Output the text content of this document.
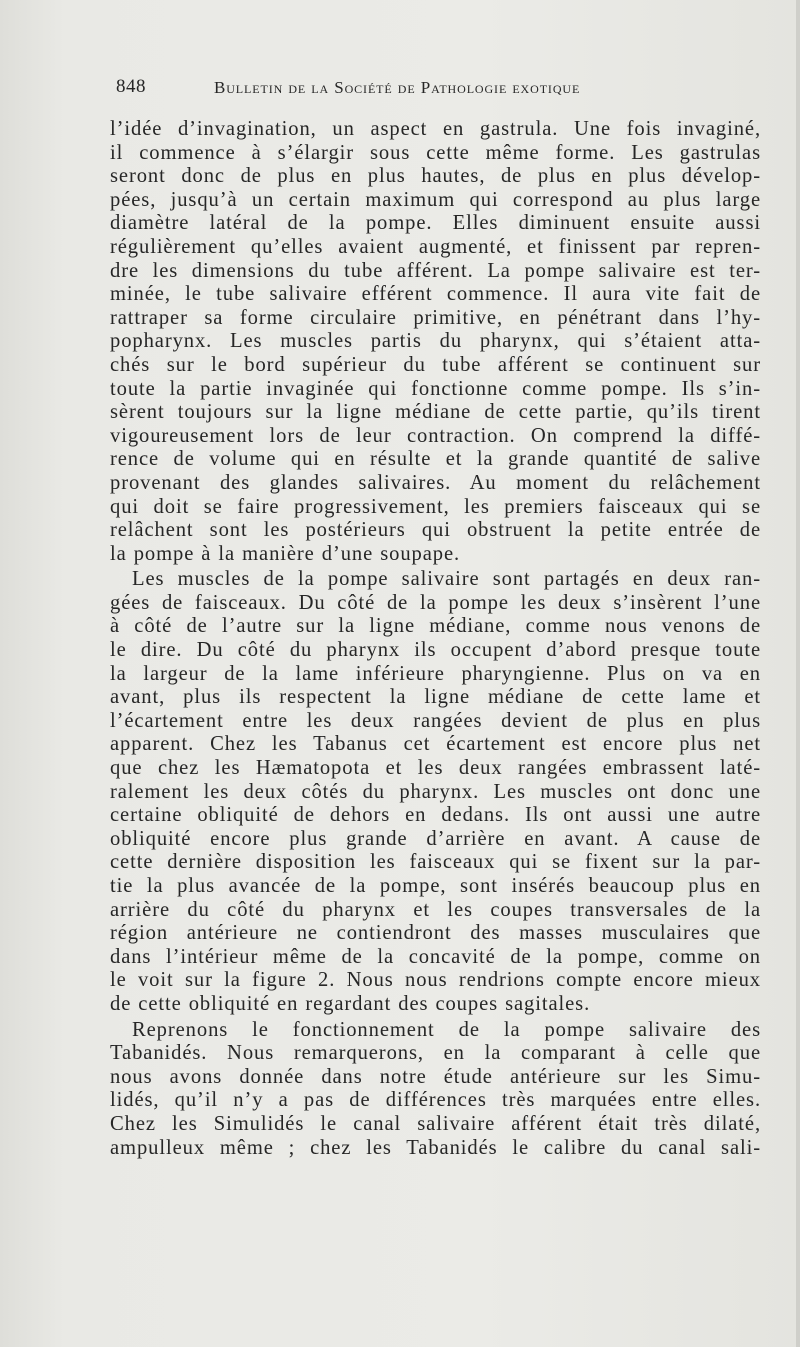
848	Bulletin de la Société de Pathologie exotique
l’idée d’invagination, un aspect en gastrula. Une fois invaginé,
il commence à s’élargir sous cette même forme. Les gastrulas
seront donc de plus en plus hautes, de plus en plus dévelop-
pées, jusqu’à un certain maximum qui correspond au plus large
diamètre latéral de la pompe. Elles diminuent ensuite aussi
régulièrement qu’elles avaient augmenté, et finissent par repren-
dre les dimensions du tube afférent. La pompe salivaire est ter-
minée, le tube salivaire efférent commence. Il aura vite fait de
rattraper sa forme circulaire primitive, en pénétrant dans l’hy-
popharynx. Les muscles partis du pharynx, qui s’étaient atta-
chés sur le bord supérieur du tube afférent se continuent sur
toute la partie invaginée qui fonctionne comme pompe. Ils s’in-
sèrent toujours sur la ligne médiane de cette partie, qu’ils tirent
vigoureusement lors de leur contraction. On comprend la diffé-
rence de volume qui en résulte et la grande quantité de salive
provenant des glandes salivaires. Au moment du relâchement
qui doit se faire progressivement, les premiers faisceaux qui se
relâchent sont les postérieurs qui obstruent la petite entrée de
la pompe à la manière d’une soupape.
Les muscles de la pompe salivaire sont partagés en deux ran-
gées de faisceaux. Du côté de la pompe les deux s’insèrent l’une
à côté de l’autre sur la ligne médiane, comme nous venons de
le dire. Du côté du pharynx ils occupent d’abord presque toute
la largeur de la lame inférieure pharyngienne. Plus on va en
avant, plus ils respectent la ligne médiane de cette lame et
l’écartement entre les deux rangées devient de plus en plus
apparent. Chez les Tabanus cet écartement est encore plus net
que chez les Hæmatopota et les deux rangées embrassent laté-
ralement les deux côtés du pharynx. Les muscles ont donc une
certaine obliquité de dehors en dedans. Ils ont aussi une autre
obliquité encore plus grande d’arrière en avant. A cause de
cette dernière disposition les faisceaux qui se fixent sur la par-
tie la plus avancée de la pompe, sont insérés beaucoup plus en
arrière du côté du pharynx et les coupes transversales de la
région antérieure ne contiendront des masses musculaires que
dans l’intérieur même de la concavité de la pompe, comme on
le voit sur la figure 2. Nous nous rendrions compte encore mieux
de cette obliquité en regardant des coupes sagitales.
Reprenons le fonctionnement de la pompe salivaire des
Tabanidés. Nous remarquerons, en la comparant à celle que
nous avons donnée dans notre étude antérieure sur les Simu-
lidés, qu’il n’y a pas de différences très marquées entre elles.
Chez les Simulidés le canal salivaire afférent était très dilaté,
ampulleux même ; chez les Tabanidés le calibre du canal sali-
